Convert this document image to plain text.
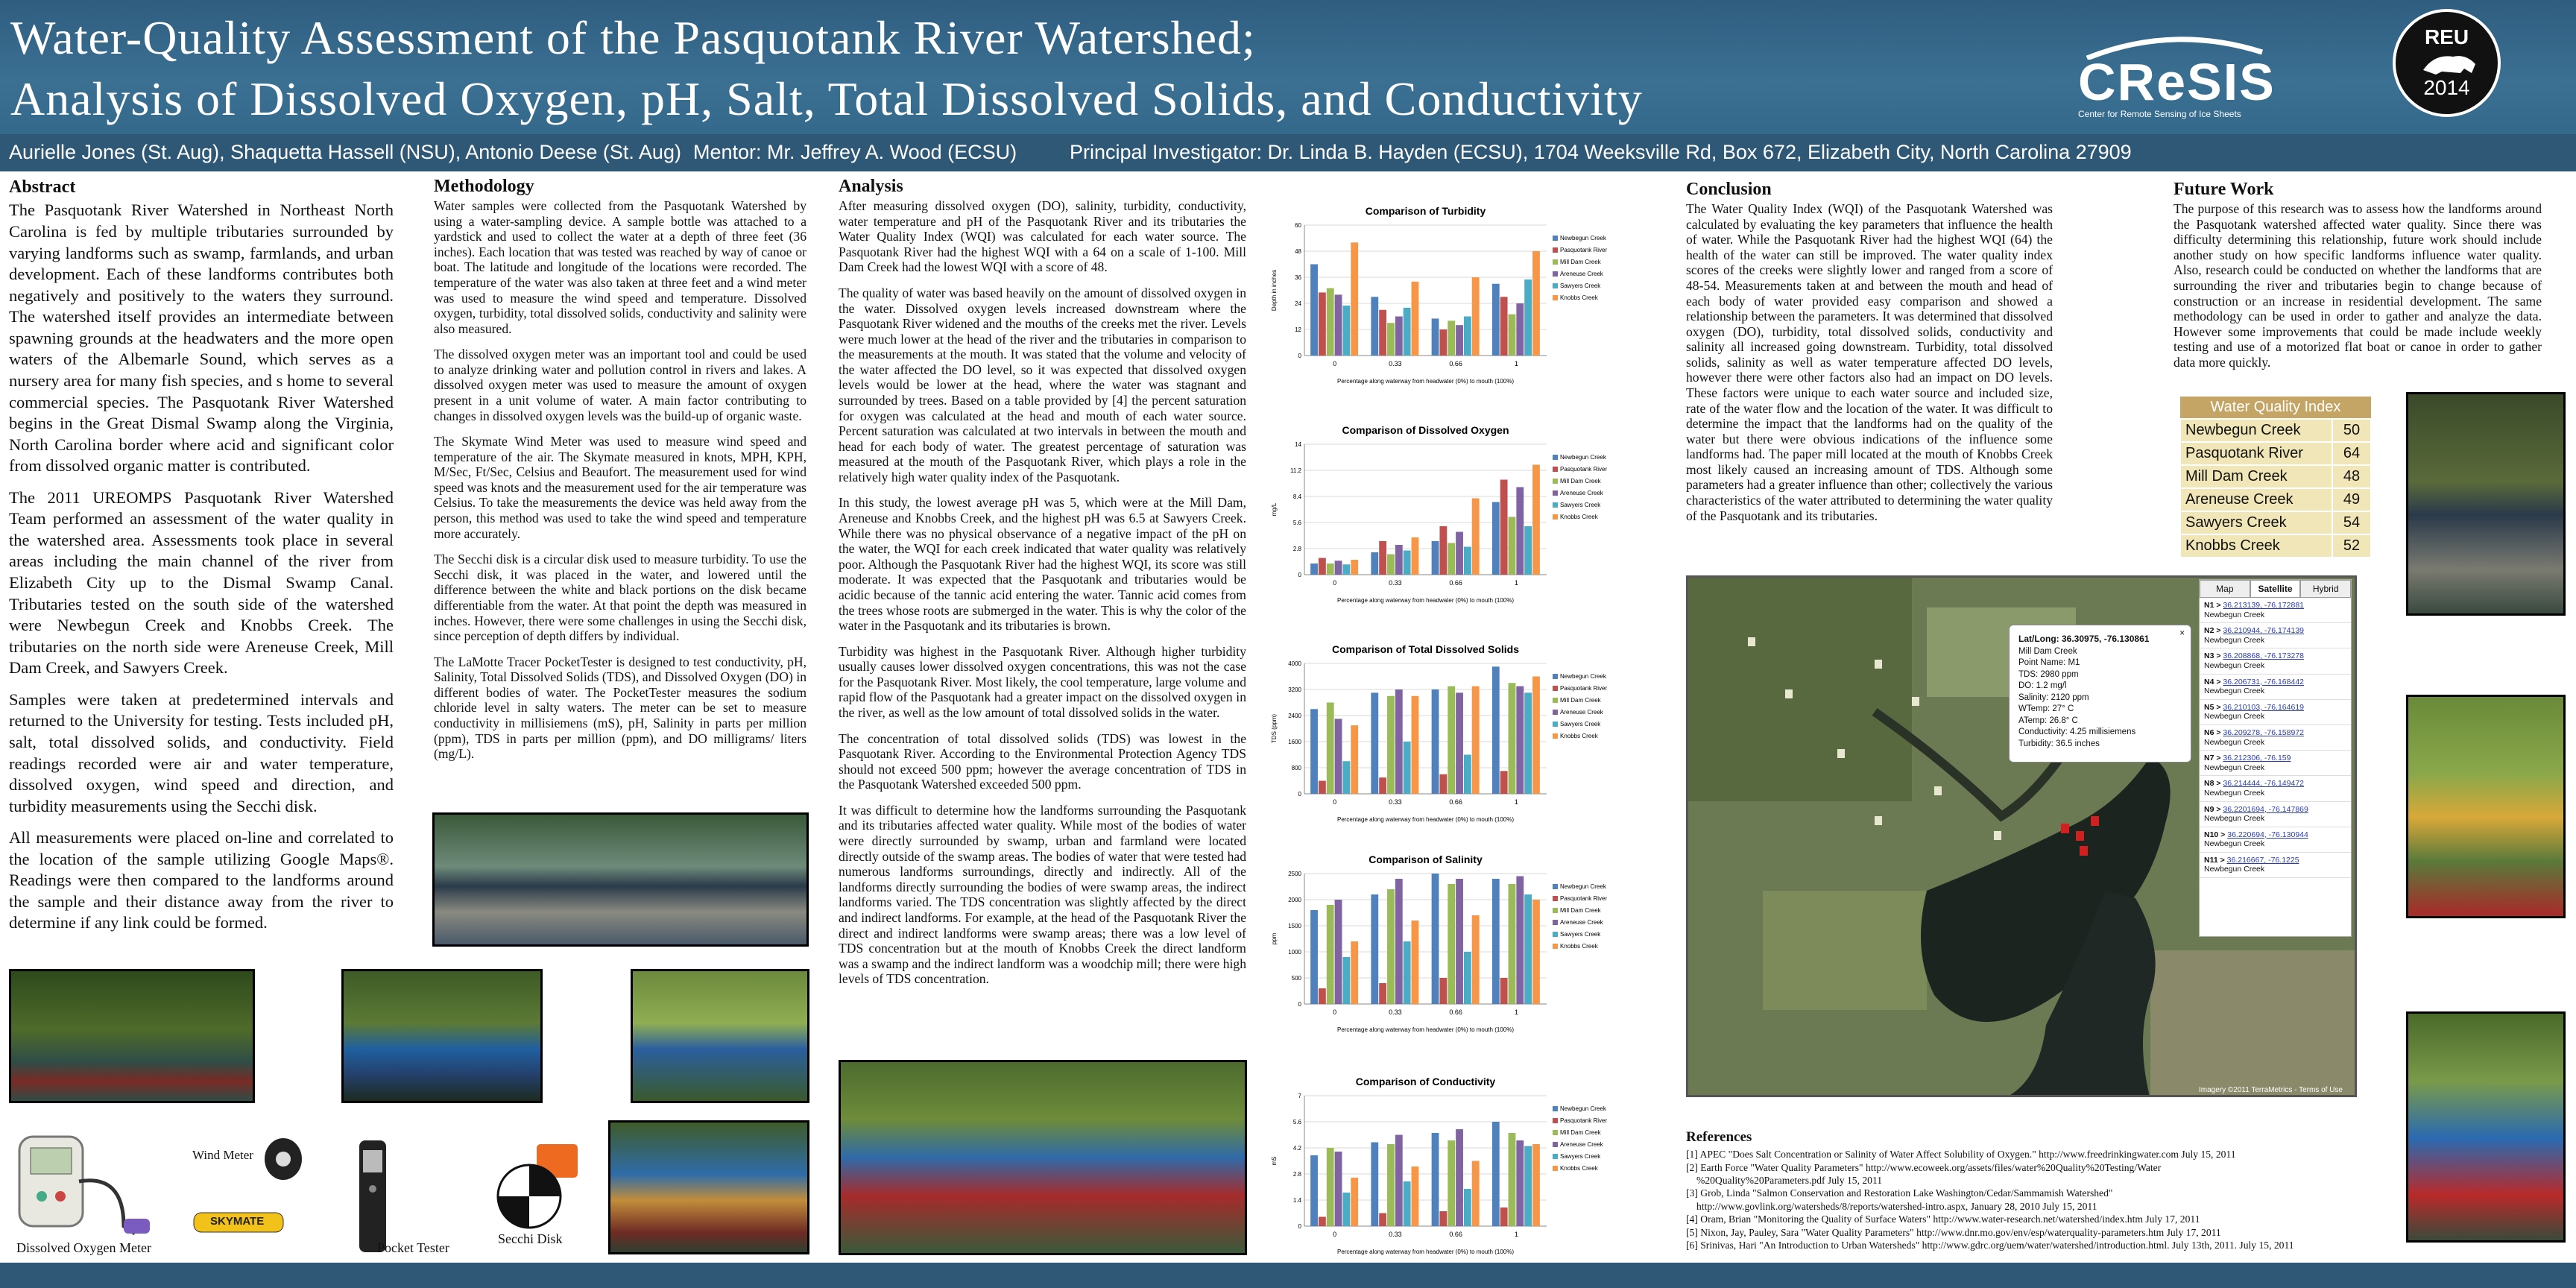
Water-Quality Assessment of the Pasquotank River Watershed;
Analysis of Dissolved Oxygen, pH, Salt, Total Dissolved Solids, and Conductivity	CReSIS
Center for Remote Sensing of Ice Sheets
REU
2014
Aurielle Jones (St. Aug), Shaquetta Hassell (NSU), Antonio Deese (St. Aug) Mentor: Mr. Jeffrey A. Wood (ECSU)	Principal Investigator: Dr. Linda B. Hayden (ECSU), 1704 Weeksville Rd, Box 672, Elizabeth City, North Carolina 27909
Abstract

The Pasquotank River Watershed in Northeast North Carolina is fed by multiple tributaries surrounded by varying landforms such as swamp, farmlands, and urban development. Each of these landforms contributes both negatively and positively to the waters they surround. The watershed itself provides an intermediate between spawning grounds at the headwaters and the more open waters of the Albemarle Sound, which serves as a nursery area for many fish species, and s home to several commercial species. The Pasquotank River Watershed begins in the Great Dismal Swamp along the Virginia, North Carolina border where acid and significant color from dissolved organic matter is contributed.

The 2011 UREOMPS Pasquotank River Watershed Team performed an assessment of the water quality in the watershed area. Assessments took place in several areas including the main channel of the river from Elizabeth City up to the Dismal Swamp Canal. Tributaries tested on the south side of the watershed were Newbegun Creek and Knobbs Creek. The tributaries on the north side were Areneuse Creek, Mill Dam Creek, and Sawyers Creek.

Samples were taken at predetermined intervals and returned to the University for testing. Tests included pH, salt, total dissolved solids, and conductivity. Field readings recorded were air and water temperature, dissolved oxygen, wind speed and direction, and turbidity measurements using the Secchi disk.

All measurements were placed on-line and correlated to the location of the sample utilizing Google Maps®. Readings were then compared to the landforms around the sample and their distance away from the river to determine if any link could be formed.

Dissolved Oxygen Meter
Wind Meter
SKYMATE
Pocket Tester
Secchi Disk
Methodology

Water samples were collected from the Pasquotank Watershed by using a water-sampling device. A sample bottle was attached to a yardstick and used to collect the water at a depth of three feet (36 inches). Each location that was tested was reached by way of canoe or boat. The latitude and longitude of the locations were recorded. The temperature of the water was also taken at three feet and a wind meter was used to measure the wind speed and temperature. Dissolved oxygen, turbidity, total dissolved solids, conductivity and salinity were also measured.

The dissolved oxygen meter was an important tool and could be used to analyze drinking water and pollution control in rivers and lakes. A dissolved oxygen meter was used to measure the amount of oxygen present in a unit volume of water. A main factor contributing to changes in dissolved oxygen levels was the build-up of organic waste.

The Skymate Wind Meter was used to measure wind speed and temperature of the air. The Skymate measured in knots, MPH, KPH, M/Sec, Ft/Sec, Celsius and Beaufort. The measurement used for wind speed was knots and the measurement used for the air temperature was Celsius. To take the measurements the device was held away from the person, this method was used to take the wind speed and temperature more accurately.

The Secchi disk is a circular disk used to measure turbidity. To use the Secchi disk, it was placed in the water, and lowered until the difference between the white and black portions on the disk became differentiable from the water. At that point the depth was measured in inches. However, there were some challenges in using the Secchi disk, since perception of depth differs by individual.

The LaMotte Tracer PocketTester is designed to test conductivity, pH, Salinity, Total Dissolved Solids (TDS), and Dissolved Oxygen (DO) in different bodies of water. The PocketTester measures the sodium chloride level in salty waters. The meter can be set to measure conductivity in millisiemens (mS), pH, Salinity in parts per million (ppm), TDS in parts per million (ppm), and DO milligrams/ liters (mg/L).

Analysis

After measuring dissolved oxygen (DO), salinity, turbidity, conductivity, water temperature and pH of the Pasquotank River and its tributaries the Water Quality Index (WQI) was calculated for each water source. The Pasquotank River had the highest WQI with a 64 on a scale of 1-100. Mill Dam Creek had the lowest WQI with a score of 48.

The quality of water was based heavily on the amount of dissolved oxygen in the water. Dissolved oxygen levels increased downstream where the Pasquotank River widened and the mouths of the creeks met the river. Levels were much lower at the head of the river and the tributaries in comparison to the measurements at the mouth. It was stated that the volume and velocity of the water affected the DO level, so it was expected that dissolved oxygen levels would be lower at the head, where the water was stagnant and surrounded by trees. Based on a table provided by [4] the percent saturation for oxygen was calculated at the head and mouth of each water source. Percent saturation was calculated at two intervals in between the mouth and head for each body of water. The greatest percentage of saturation was measured at the mouth of the Pasquotank River, which plays a role in the relatively high water quality index of the Pasquotank.

In this study, the lowest average pH was 5, which were at the Mill Dam, Areneuse and Knobbs Creek, and the highest pH was 6.5 at Sawyers Creek. While there was no physical observance of a negative impact of the pH on the water, the WQI for each creek indicated that water quality was relatively poor. Although the Pasquotank River had the highest WQI, its score was still moderate. It was expected that the Pasquotank and tributaries would be acidic because of the tannic acid entering the water. Tannic acid comes from the trees whose roots are submerged in the water. This is why the color of the water in the Pasquotank and its tributaries is brown.

Turbidity was highest in the Pasquotank River. Although higher turbidity usually causes lower dissolved oxygen concentrations, this was not the case for the Pasquotank River. Most likely, the cool temperature, large volume and rapid flow of the Pasquotank had a greater impact on the dissolved oxygen in the river, as well as the low amount of total dissolved solids in the water.

The concentration of total dissolved solids (TDS) was lowest in the Pasquotank River. According to the Environmental Protection Agency TDS should not exceed 500 ppm; however the average concentration of TDS in the Pasquotank Watershed exceeded 500 ppm.

It was difficult to determine how the landforms surrounding the Pasquotank and its tributaries affected water quality. While most of the bodies of water were directly surrounded by swamp, urban and farmland were located directly outside of the swamp areas. The bodies of water that were tested had numerous landforms surroundings, directly and indirectly. All of the landforms directly surrounding the bodies of were swamp areas, the indirect landforms varied. The TDS concentration was slightly affected by the direct and indirect landforms. For example, at the head of the Pasquotank River the direct and indirect landforms were swamp areas; there was a low level of TDS concentration but at the mouth of Knobbs Creek the direct landform was a swamp and the indirect landform was a woodchip mill; there were high levels of TDS concentration.

Comparison of Turbidity
0
12
24
36
48
60
Depth in inches
0	0.33	0.66	1
Percentage along waterway from headwater (0%) to mouth (100%)
Newbegun Creek
Pasquotank River
Mill Dam Creek
Areneuse Creek
Sawyers Creek
Knobbs Creek
Comparison of Dissolved Oxygen
0
2.8
5.6
8.4
11.2
14
mg/L
0	0.33	0.66	1
Percentage along waterway from headwater (0%) to mouth (100%)
Newbegun Creek
Pasquotank River
Mill Dam Creek
Areneuse Creek
Sawyers Creek
Knobbs Creek
Comparison of Total Dissolved Solids
0
800
1600
2400
3200
4000
TDS (ppm)
0	0.33	0.66	1
Percentage along waterway from headwater (0%) to mouth (100%)
Newbegun Creek
Pasquotank River
Mill Dam Creek
Areneuse Creek
Sawyers Creek
Knobbs Creek
Comparison of Salinity
0
500
1000
1500
2000
2500
ppm
0	0.33	0.66	1
Percentage along waterway from headwater (0%) to mouth (100%)
Newbegun Creek
Pasquotank River
Mill Dam Creek
Areneuse Creek
Sawyers Creek
Knobbs Creek
Comparison of Conductivity
0
1.4
2.8
4.2
5.6
7
mS
0	0.33	0.66	1
Percentage along waterway from headwater (0%) to mouth (100%)
Newbegun Creek
Pasquotank River
Mill Dam Creek
Areneuse Creek
Sawyers Creek
Knobbs Creek
Conclusion

The Water Quality Index (WQI) of the Pasquotank Watershed was calculated by evaluating the key parameters that influence the health of water. While the Pasquotank River had the highest WQI (64) the health of the water can still be improved. The water quality index scores of the creeks were slightly lower and ranged from a score of 48-54. Measurements taken at and between the mouth and head of each body of water provided easy comparison and showed a relationship between the parameters. It was determined that dissolved oxygen (DO), turbidity, total dissolved solids, conductivity and salinity all increased going downstream. Turbidity, total dissolved solids, salinity as well as water temperature affected DO levels, however there were other factors also had an impact on DO levels. These factors were unique to each water source and included size, rate of the water flow and the location of the water. It was difficult to determine the impact that the landforms had on the quality of the water but there were obvious indications of the influence some landforms had. The paper mill located at the mouth of Knobbs Creek most likely caused an increasing amount of TDS. Although some parameters had a greater influence than other; collectively the various characteristics of the water attributed to determining the water quality of the Pasquotank and its tributaries.

Future Work

The purpose of this research was to assess how the landforms around the Pasquotank watershed affected water quality. Since there was difficulty determining this relationship, future work should include another study on how specific landforms influence water quality. Also, research could be conducted on whether the landforms that are surrounding the river and tributaries begin to change because of construction or an increase in residential development. The same methodology can be used in order to gather and analyze the data. However some improvements that could be made include weekly testing and use of a motorized flat boat or canoe in order to gather data more quickly.

Water Quality Index	
Newbegun Creek	50
Pasquotank River	64
Mill Dam Creek	48
Areneuse Creek	49
Sawyers Creek	54
Knobbs Creek	52
Lat/Long: 36.30975, -76.130861
Mill Dam Creek
Point Name: M1
TDS: 2980 ppm
DO: 1.2 mg/l
Salinity: 2120 ppm
WTemp: 27° C
ATemp: 26.8° C
Conductivity: 4.25 millisiemens
Turbidity: 36.5 inches
×
Map	Satellite	Hybrid
N1 > 36.213139, -76.172881
Newbegun Creek
N2 > 36.210944, -76.174139
Newbegun Creek
N3 > 36.208868, -76.173278
Newbegun Creek
N4 > 36.206731, -76.168442
Newbegun Creek
N5 > 36.210103, -76.164619
Newbegun Creek
N6 > 36.209278, -76.158972
Newbegun Creek
N7 > 36.212306, -76.159
Newbegun Creek
N8 > 36.214444, -76.149472
Newbegun Creek
N9 > 36.2201694, -76.147869
Newbegun Creek
N10 > 36.220694, -76.130944
Newbegun Creek
N11 > 36.216667, -76.1225
Newbegun Creek
Imagery ©2011 TerraMetrics - Terms of Use
References
[1] APEC "Does Salt Concentration or Salinity of Water Affect Solubility of Oxygen." http://www.freedrinkingwater.com July 15, 2011
[2] Earth Force "Water Quality Parameters" http://www.ecoweek.org/assets/files/water%20Quality%20Testing/Water
%20Quality%20Parameters.pdf July 15, 2011
[3] Grob, Linda "Salmon Conservation and Restoration Lake Washington/Cedar/Sammamish Watershed"
http://www.govlink.org/watersheds/8/reports/watershed-intro.aspx, January 28, 2010 July 15, 2011
[4] Oram, Brian "Monitoring the Quality of Surface Waters" http://www.water-research.net/watershed/index.htm July 17, 2011
[5] Nixon, Jay, Pauley, Sara "Water Quality Parameters" http://www.dnr.mo.gov/env/esp/waterquality-parameters.htm July 17, 2011
[6] Srinivas, Hari "An Introduction to Urban Watersheds" http://www.gdrc.org/uem/water/watershed/introduction.html. July 13th, 2011. July 15, 2011
